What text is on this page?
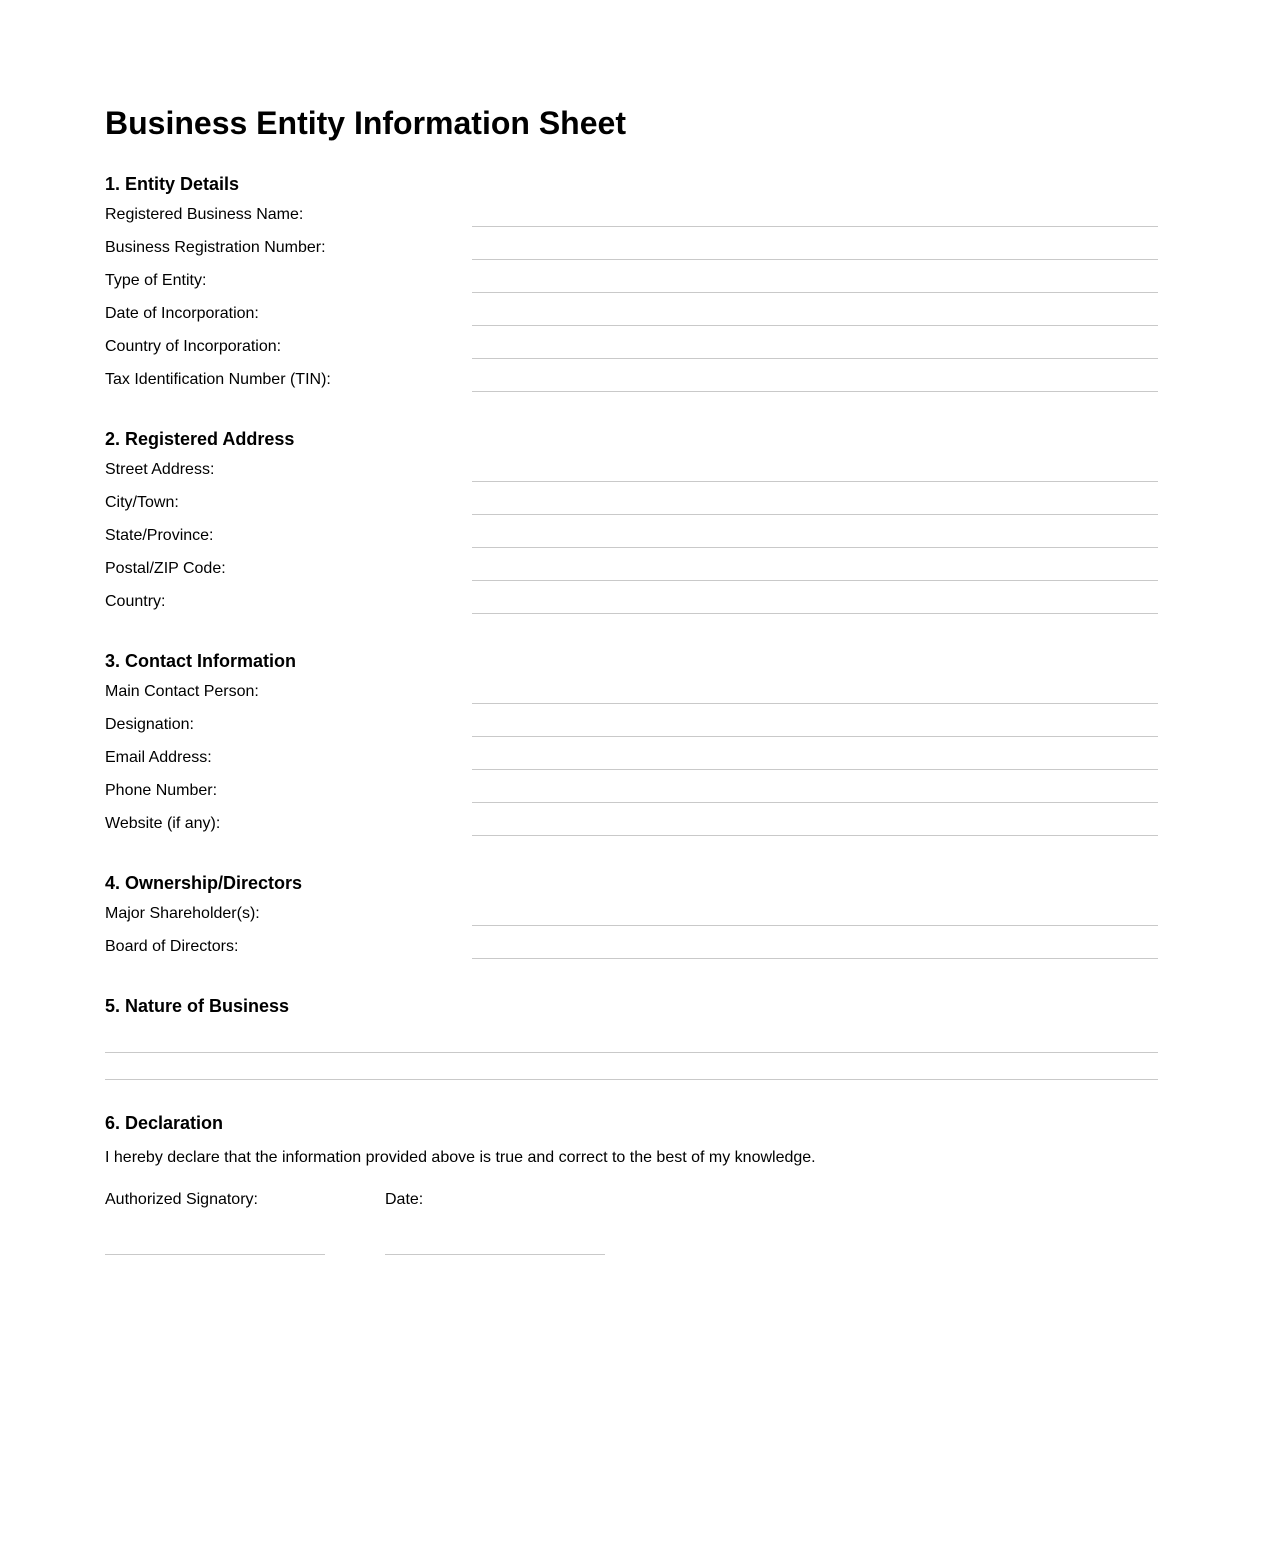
Business Entity Information Sheet
1. Entity Details
Registered Business Name:
Business Registration Number:
Type of Entity:
Date of Incorporation:
Country of Incorporation:
Tax Identification Number (TIN):
2. Registered Address
Street Address:
City/Town:
State/Province:
Postal/ZIP Code:
Country:
3. Contact Information
Main Contact Person:
Designation:
Email Address:
Phone Number:
Website (if any):
4. Ownership/Directors
Major Shareholder(s):
Board of Directors:
5. Nature of Business
6. Declaration

I hereby declare that the information provided above is true and correct to the best of my knowledge.

Authorized Signatory:	Date:
